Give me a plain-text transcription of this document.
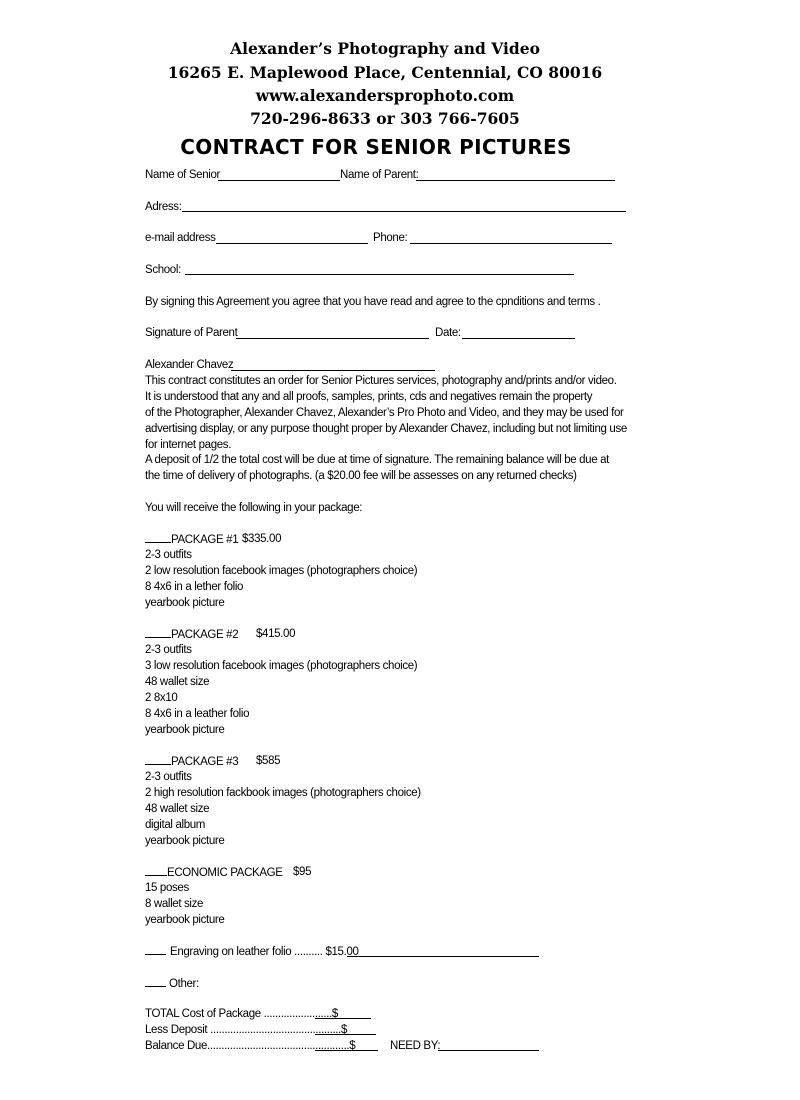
Alexander’s Photography and Video
16265 E. Maplewood Place, Centennial, CO 80016
www.alexandersprophoto.com
720-296-8633 or 303 766-7605
CONTRACT FOR SENIOR PICTURES
Name of Senior	Name of Parent:
Adress:
e-mail address	Phone:
School:
By signing this Agreement you agree that you have read and agree to the cpnditions and terms .
Signature of Parent	Date:
Alexander Chavez
This contract constitutes an order for Senior Pictures services, photography and/prints and/or video.
It is understood that any and all proofs, samples, prints, cds and negatives remain the property
of the Photographer, Alexander Chavez, Alexander’s Pro Photo and Video, and they may be used for
advertising display, or any purpose thought proper by Alexander Chavez, including but not limiting use
for internet pages.
A deposit of 1/2 the total cost will be due at time of signature. The remaining balance will be due at
the time of delivery of photographs. (a $20.00 fee will be assesses on any returned checks)
You will receive the following in your package:
PACKAGE #1 $335.00
2-3 outfits
2 low resolution facebook images (photographers choice)
8 4x6 in a lether folio
yearbook picture
PACKAGE #2 $415.00
2-3 outfits
3 low resolution facebook images (photographers choice)
48 wallet size
2 8x10
8 4x6 in a leather folio
yearbook picture
PACKAGE #3 $585
2-3 outfits
2 high resolution fackbook images (photographers choice)
48 wallet size
digital album
yearbook picture
ECONOMIC PACKAGE $95
15 poses
8 wallet size
yearbook picture
Engraving on leather folio .......... $15.00
Other:
TOTAL Cost of Package ........................$
Less Deposit ..............................................$
Balance Due..................................................$	NEED BY:
